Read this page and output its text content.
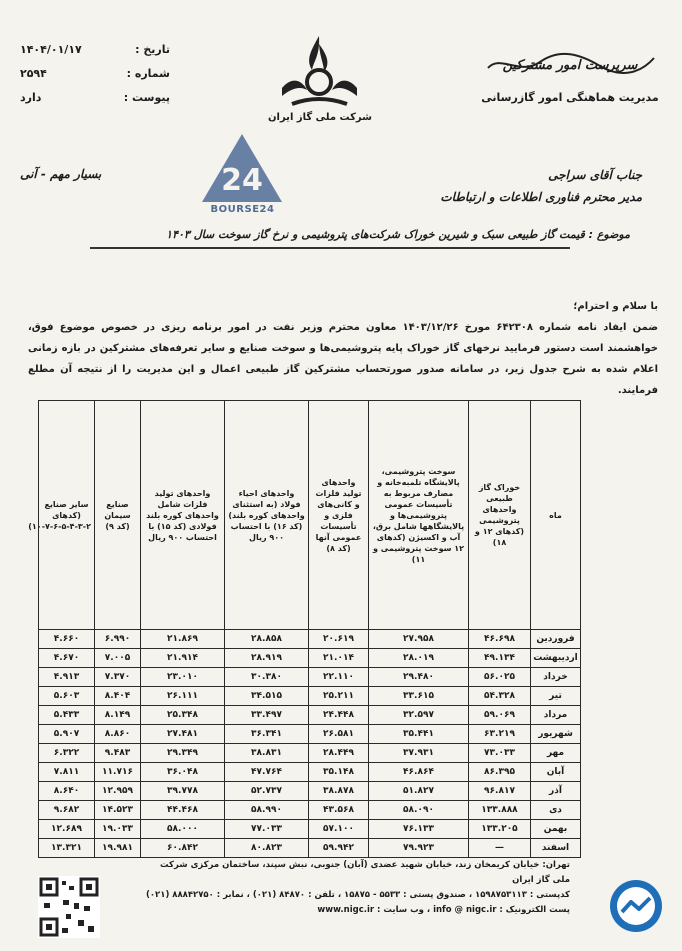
تاریخ :
۱۴۰۴/۰۱/۱۷
شماره :
۲۵۹۴
پیوست :
دارد
شرکت ملی گاز ایران
سرپرست امور مشترکین
مدیریت هماهنگی امور گازرسانی
24
BOURSE24
بسیار مهم - آنی	جناب آقای سراجی
مدیر محترم فناوری اطلاعات و ارتباطات
موضوع : قیمت گاز طبیعی سبک و شیرین خوراک شرکت‌های پتروشیمی و نرخ گاز سوخت سال ۱۴۰۳
با سلام و احترام؛
ضمن ایفاد نامه شماره ۶۴۲۳۰۸ مورخ ۱۴۰۳/۱۲/۲۶ معاون محترم وزیر نفت در امور برنامه ریزی در خصوص موضوع فوق، خواهشمند است دستور فرمایید نرخهای گاز خوراک پایه پتروشیمی‌ها و سوخت صنایع و سایر تعرفه‌های مشترکین در بازه زمانی اعلام شده به شرح جدول زیر، در سامانه صدور صورتحساب مشترکین گاز طبیعی اعمال و این مدیریت را از نتیجه آن مطلع فرمایند.
ماه	خوراک گاز طبیعی واحدهای پتروشیمی (کدهای ۱۲ و ۱۸)	سوخت پتروشیمی، پالایشگاه تلمبه‌خانه و مصارف مربوط به تأسیسات عمومی پتروشیمی‌ها و پالایشگاهها شامل برق، آب و اکسیژن (کدهای ۱۲ سوخت پتروشیمی و ۱۱)	واحدهای تولید فلزات و کانی‌های فلزی و تأسیسات عمومی آنها (کد ۸)	واحدهای احیاء فولاد (به استثنای واحدهای کوره بلند) (کد ۱۶) با احتساب ۹۰۰ ریال	واحدهای تولید فلزات شامل واحدهای کوره بلند فولادی (کد ۱۵) با احتساب ۹۰۰ ریال	صنایع سیمان (کد ۹)	سایر صنایع (کدهای ۲-۳-۴-۵-۶-۷-۱۰)

فروردین	۴۶.۶۹۸	۲۷.۹۵۸	۲۰.۶۱۹	۲۸.۸۵۸	۲۱.۸۶۹	۶.۹۹۰	۴.۶۶۰
اردیبهشت	۴۹.۱۳۴	۲۸.۰۱۹	۲۱.۰۱۴	۲۸.۹۱۹	۲۱.۹۱۴	۷.۰۰۵	۴.۶۷۰
خرداد	۵۶.۰۲۵	۲۹.۴۸۰	۲۲.۱۱۰	۳۰.۳۸۰	۲۳.۰۱۰	۷.۳۷۰	۴.۹۱۳
تیر	۵۴.۳۲۸	۳۳.۶۱۵	۲۵.۲۱۱	۳۴.۵۱۵	۲۶.۱۱۱	۸.۴۰۴	۵.۶۰۳
مرداد	۵۹.۰۶۹	۳۲.۵۹۷	۲۴.۴۴۸	۳۳.۴۹۷	۲۵.۳۴۸	۸.۱۴۹	۵.۴۳۳
شهریور	۶۳.۲۱۹	۳۵.۴۴۱	۲۶.۵۸۱	۳۶.۳۴۱	۲۷.۴۸۱	۸.۸۶۰	۵.۹۰۷
مهر	۷۳.۰۳۳	۳۷.۹۳۱	۲۸.۴۴۹	۳۸.۸۳۱	۲۹.۳۴۹	۹.۴۸۳	۶.۳۲۲
آبان	۸۶.۳۹۵	۴۶.۸۶۴	۳۵.۱۴۸	۴۷.۷۶۴	۳۶.۰۴۸	۱۱.۷۱۶	۷.۸۱۱
آذر	۹۶.۸۱۷	۵۱.۸۲۷	۳۸.۸۷۸	۵۲.۷۳۷	۳۹.۷۷۸	۱۲.۹۵۹	۸.۶۴۰
دی	۱۳۳.۸۸۸	۵۸.۰۹۰	۴۳.۵۶۸	۵۸.۹۹۰	۴۴.۴۶۸	۱۴.۵۲۳	۹.۶۸۲
بهمن	۱۳۳.۲۰۵	۷۶.۱۳۳	۵۷.۱۰۰	۷۷.۰۳۳	۵۸.۰۰۰	۱۹.۰۳۳	۱۲.۶۸۹
اسفند	—	۷۹.۹۲۳	۵۹.۹۴۲	۸۰.۸۲۳	۶۰.۸۴۲	۱۹.۹۸۱	۱۳.۳۲۱
تهران: خیابان کریمخان زند، خیابان شهید عضدی (آبان) جنوبی، نبش سپند، ساختمان مرکزی شرکت ملی گاز ایران
کدپستی : ۱۵۹۸۷۵۳۱۱۳ ، صندوق پستی : ۵۵۳۳ - ۱۵۸۷۵ ، تلفن : ۸۴۸۷۰ (۰۲۱) ، نمابر : ۸۸۸۴۲۷۵۰ (۰۲۱)
پست الکترونیک : info @ nigc.ir ، وب سایت : www.nigc.ir
